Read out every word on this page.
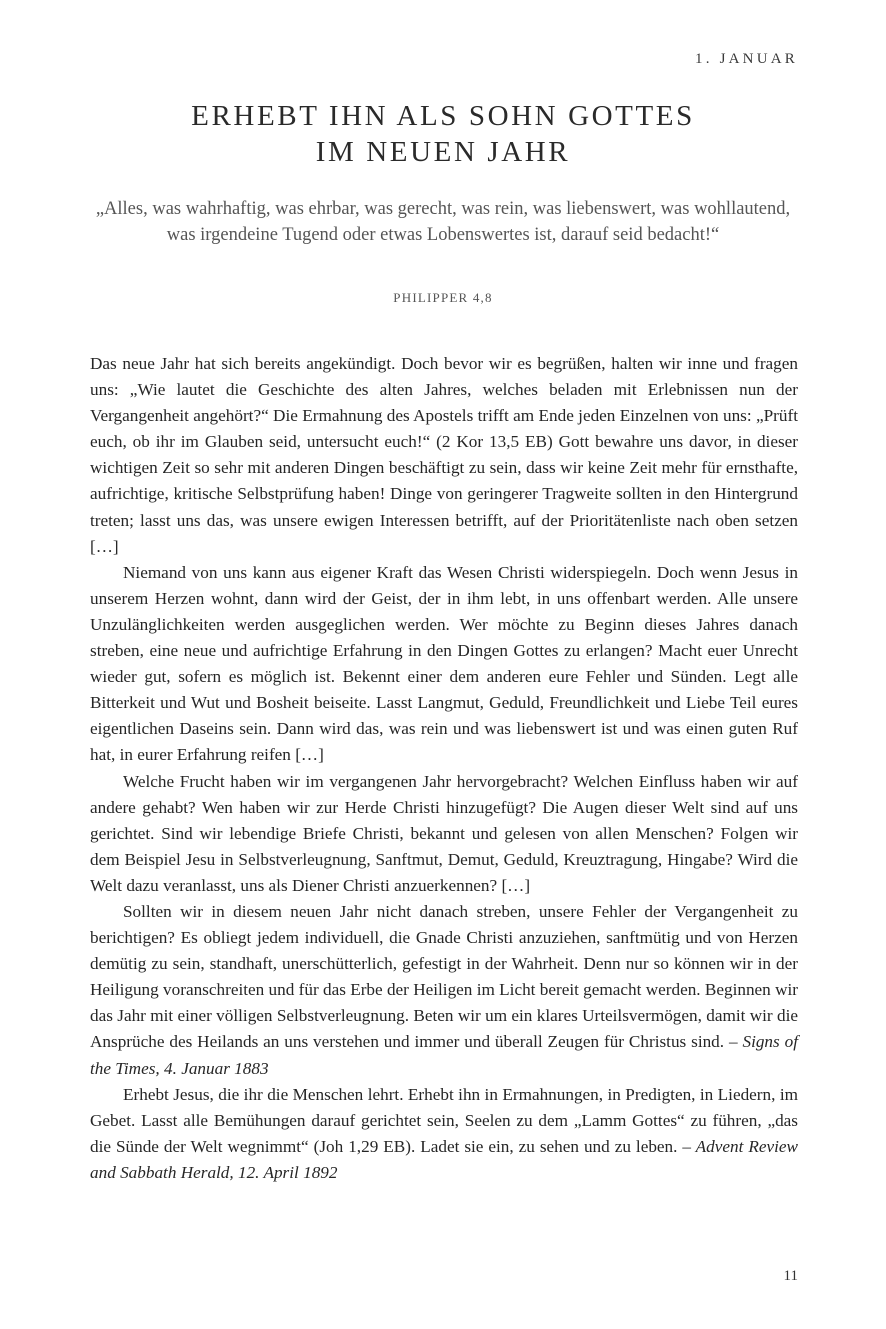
1. JANUAR
ERHEBT IHN ALS SOHN GOTTES
IM NEUEN JAHR
„Alles, was wahrhaftig, was ehrbar, was gerecht, was rein, was liebenswert, was wohllautend, was irgendeine Tugend oder etwas Lobenswertes ist, darauf seid bedacht!“
PHILIPPER 4,8

Das neue Jahr hat sich bereits angekündigt. Doch bevor wir es begrüßen, halten wir inne und fragen uns: „Wie lautet die Geschichte des alten Jahres, welches beladen mit Erlebnissen nun der Vergangenheit angehört?“ Die Ermahnung des Apostels trifft am Ende jeden Einzelnen von uns: „Prüft euch, ob ihr im Glauben seid, untersucht euch!“ (2 Kor 13,5 EB) Gott bewahre uns davor, in dieser wichtigen Zeit so sehr mit anderen Dingen beschäftigt zu sein, dass wir keine Zeit mehr für ernsthafte, aufrichtige, kritische Selbstprüfung haben! Dinge von geringerer Tragweite sollten in den Hintergrund treten; lasst uns das, was unsere ewigen Interessen betrifft, auf der Prioritätenliste nach oben setzen […]

Niemand von uns kann aus eigener Kraft das Wesen Christi widerspiegeln. Doch wenn Jesus in unserem Herzen wohnt, dann wird der Geist, der in ihm lebt, in uns offenbart werden. Alle unsere Unzulänglichkeiten werden ausgeglichen werden. Wer möchte zu Beginn dieses Jahres danach streben, eine neue und aufrichtige Erfahrung in den Dingen Gottes zu erlangen? Macht euer Unrecht wieder gut, sofern es möglich ist. Bekennt einer dem anderen eure Fehler und Sünden. Legt alle Bitterkeit und Wut und Bosheit beiseite. Lasst Langmut, Geduld, Freundlichkeit und Liebe Teil eures eigentlichen Daseins sein. Dann wird das, was rein und was liebenswert ist und was einen guten Ruf hat, in eurer Erfahrung reifen […]

Welche Frucht haben wir im vergangenen Jahr hervorgebracht? Welchen Einfluss haben wir auf andere gehabt? Wen haben wir zur Herde Christi hinzugefügt? Die Augen dieser Welt sind auf uns gerichtet. Sind wir lebendige Briefe Christi, bekannt und gelesen von allen Menschen? Folgen wir dem Beispiel Jesu in Selbstverleugnung, Sanftmut, Demut, Geduld, Kreuztragung, Hingabe? Wird die Welt dazu veranlasst, uns als Diener Christi anzuerkennen? […]

Sollten wir in diesem neuen Jahr nicht danach streben, unsere Fehler der Vergangenheit zu berichtigen? Es obliegt jedem individuell, die Gnade Christi anzuziehen, sanftmütig und von Herzen demütig zu sein, standhaft, unerschütterlich, gefestigt in der Wahrheit. Denn nur so können wir in der Heiligung voranschreiten und für das Erbe der Heiligen im Licht bereit gemacht werden. Beginnen wir das Jahr mit einer völligen Selbstverleugnung. Beten wir um ein klares Urteilsvermögen, damit wir die Ansprüche des Heilands an uns verstehen und immer und überall Zeugen für Christus sind. – Signs of the Times, 4. Januar 1883

Erhebt Jesus, die ihr die Menschen lehrt. Erhebt ihn in Ermahnungen, in Predigten, in Liedern, im Gebet. Lasst alle Bemühungen darauf gerichtet sein, Seelen zu dem „Lamm Gottes“ zu führen, „das die Sünde der Welt wegnimmt“ (Joh 1,29 EB). Ladet sie ein, zu sehen und zu leben. – Advent Review and Sabbath Herald, 12. April 1892

11
